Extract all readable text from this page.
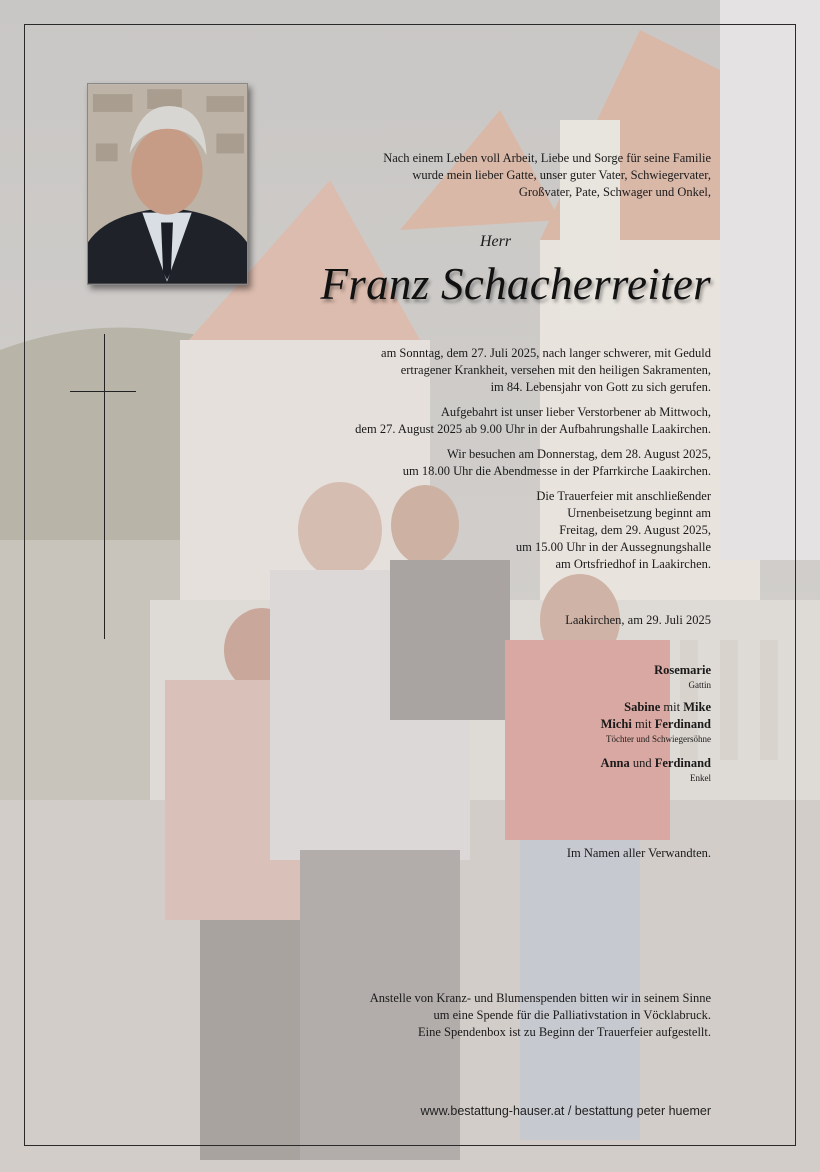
Nach einem Leben voll Arbeit, Liebe und Sorge für seine Familie
wurde mein lieber Gatte, unser guter Vater, Schwiegervater,
Großvater, Pate, Schwager und Onkel,
Herr
Franz Schacherreiter
am Sonntag, dem 27. Juli 2025, nach langer schwerer, mit Geduld
ertragener Krankheit, versehen mit den heiligen Sakramenten,
im 84. Lebensjahr von Gott zu sich gerufen.
Aufgebahrt ist unser lieber Verstorbener ab Mittwoch,
dem 27. August 2025 ab 9.00 Uhr in der Aufbahrungshalle Laakirchen.
Wir besuchen am Donnerstag, dem 28. August 2025,
um 18.00 Uhr die Abendmesse in der Pfarrkirche Laakirchen.
Die Trauerfeier mit anschließender
Urnenbeisetzung beginnt am
Freitag, dem 29. August 2025,
um 15.00 Uhr in der Aussegnungshalle
am Ortsfriedhof in Laakirchen.
Laakirchen, am 29. Juli 2025
Rosemarie
Gattin
Sabine mit Mike
Michi mit Ferdinand
Töchter und Schwiegersöhne
Anna und Ferdinand
Enkel
Im Namen aller Verwandten.
Anstelle von Kranz- und Blumenspenden bitten wir in seinem Sinne
um eine Spende für die Palliativstation in Vöcklabruck.
Eine Spendenbox ist zu Beginn der Trauerfeier aufgestellt.
www.bestattung-hauser.at / bestattung peter huemer
